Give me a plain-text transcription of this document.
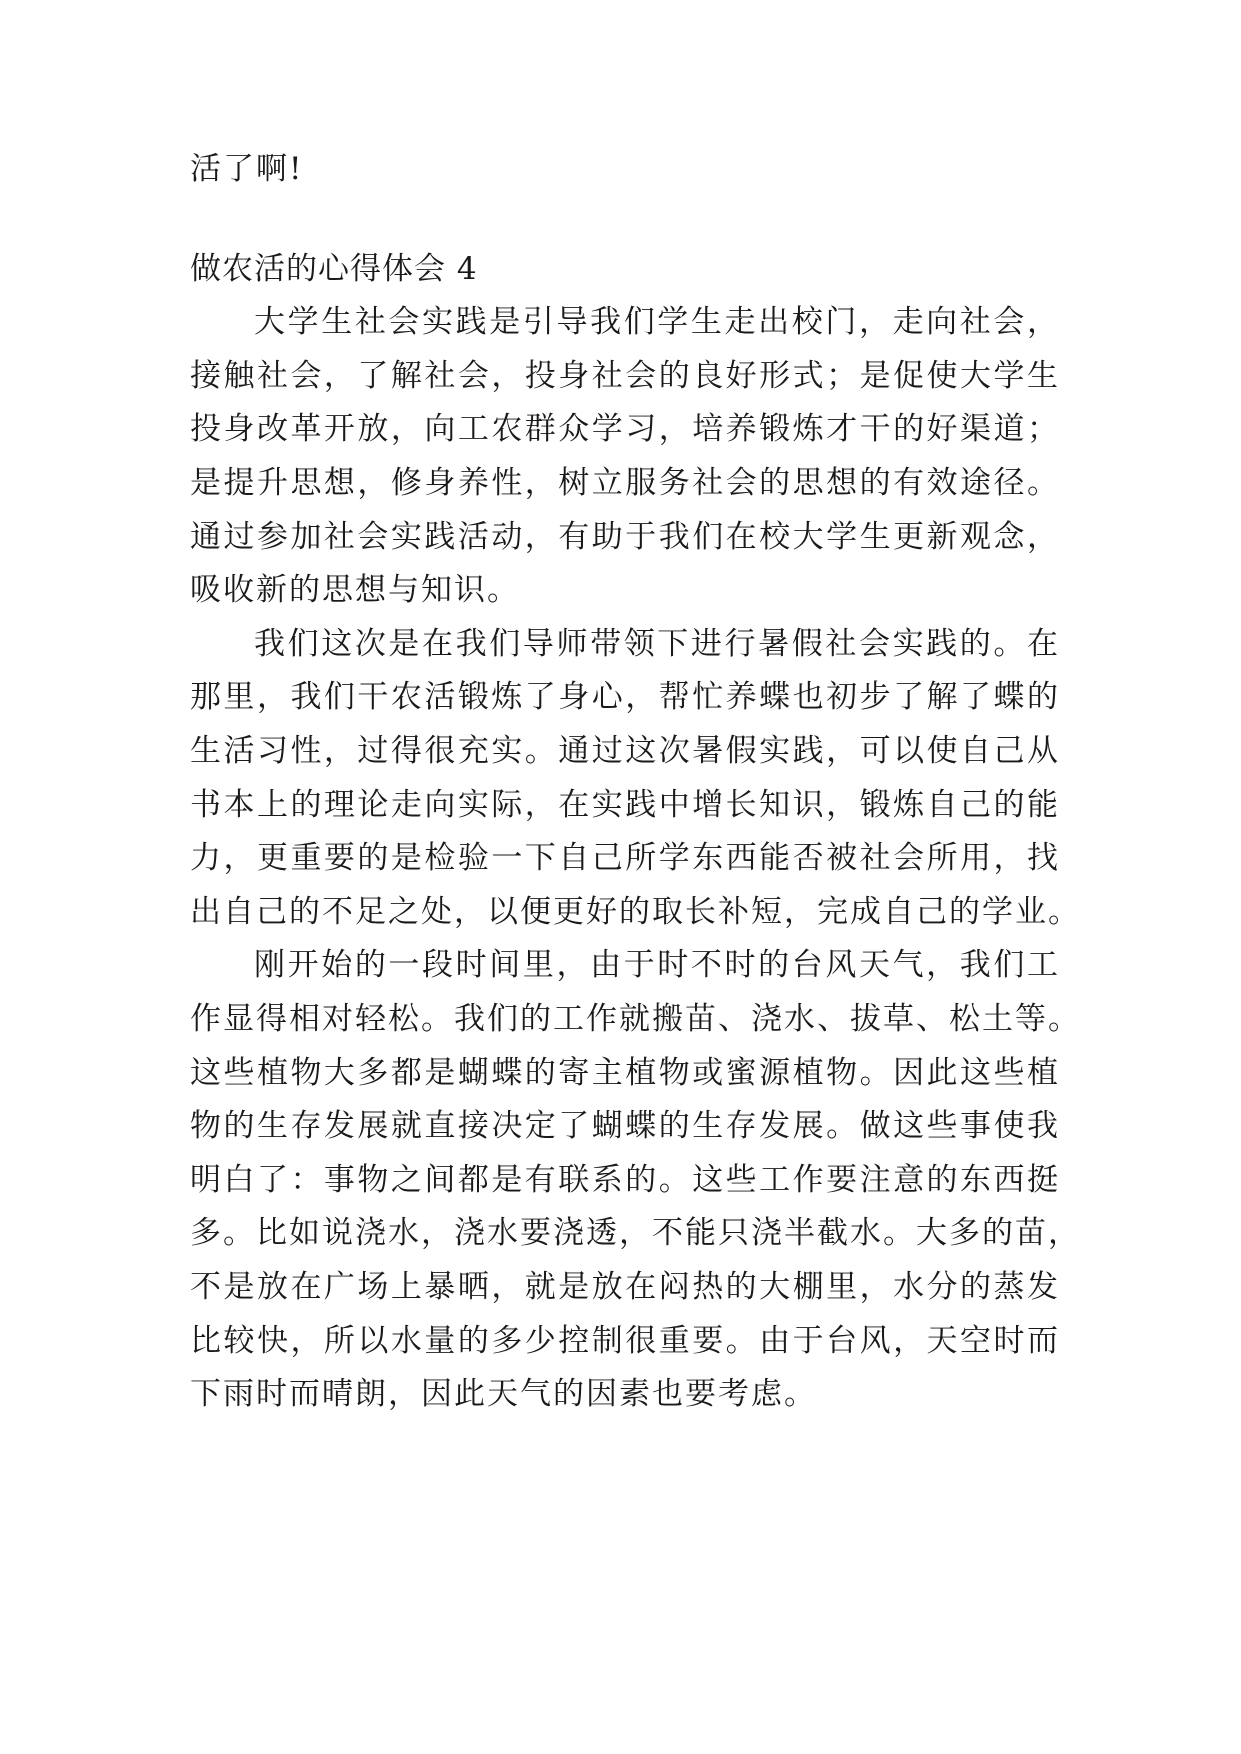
活了啊!
做农活的心得体会 4
大学生社会实践是引导我们学生走出校门，走向社会，
接触社会，了解社会，投身社会的良好形式；是促使大学生
投身改革开放，向工农群众学习，培养锻炼才干的好渠道；
是提升思想，修身养性，树立服务社会的思想的有效途径。
通过参加社会实践活动，有助于我们在校大学生更新观念，
吸收新的思想与知识。
我们这次是在我们导师带领下进行暑假社会实践的。在
那里，我们干农活锻炼了身心，帮忙养蝶也初步了解了蝶的
生活习性，过得很充实。通过这次暑假实践，可以使自己从
书本上的理论走向实际，在实践中增长知识，锻炼自己的能
力，更重要的是检验一下自己所学东西能否被社会所用，找
出自己的不足之处，以便更好的取长补短，完成自己的学业。
刚开始的一段时间里，由于时不时的台风天气，我们工
作显得相对轻松。我们的工作就搬苗、浇水、拔草、松土等。
这些植物大多都是蝴蝶的寄主植物或蜜源植物。因此这些植
物的生存发展就直接决定了蝴蝶的生存发展。做这些事使我
明白了：事物之间都是有联系的。这些工作要注意的东西挺
多。比如说浇水，浇水要浇透，不能只浇半截水。大多的苗，
不是放在广场上暴晒，就是放在闷热的大棚里，水分的蒸发
比较快，所以水量的多少控制很重要。由于台风，天空时而
下雨时而晴朗，因此天气的因素也要考虑。
